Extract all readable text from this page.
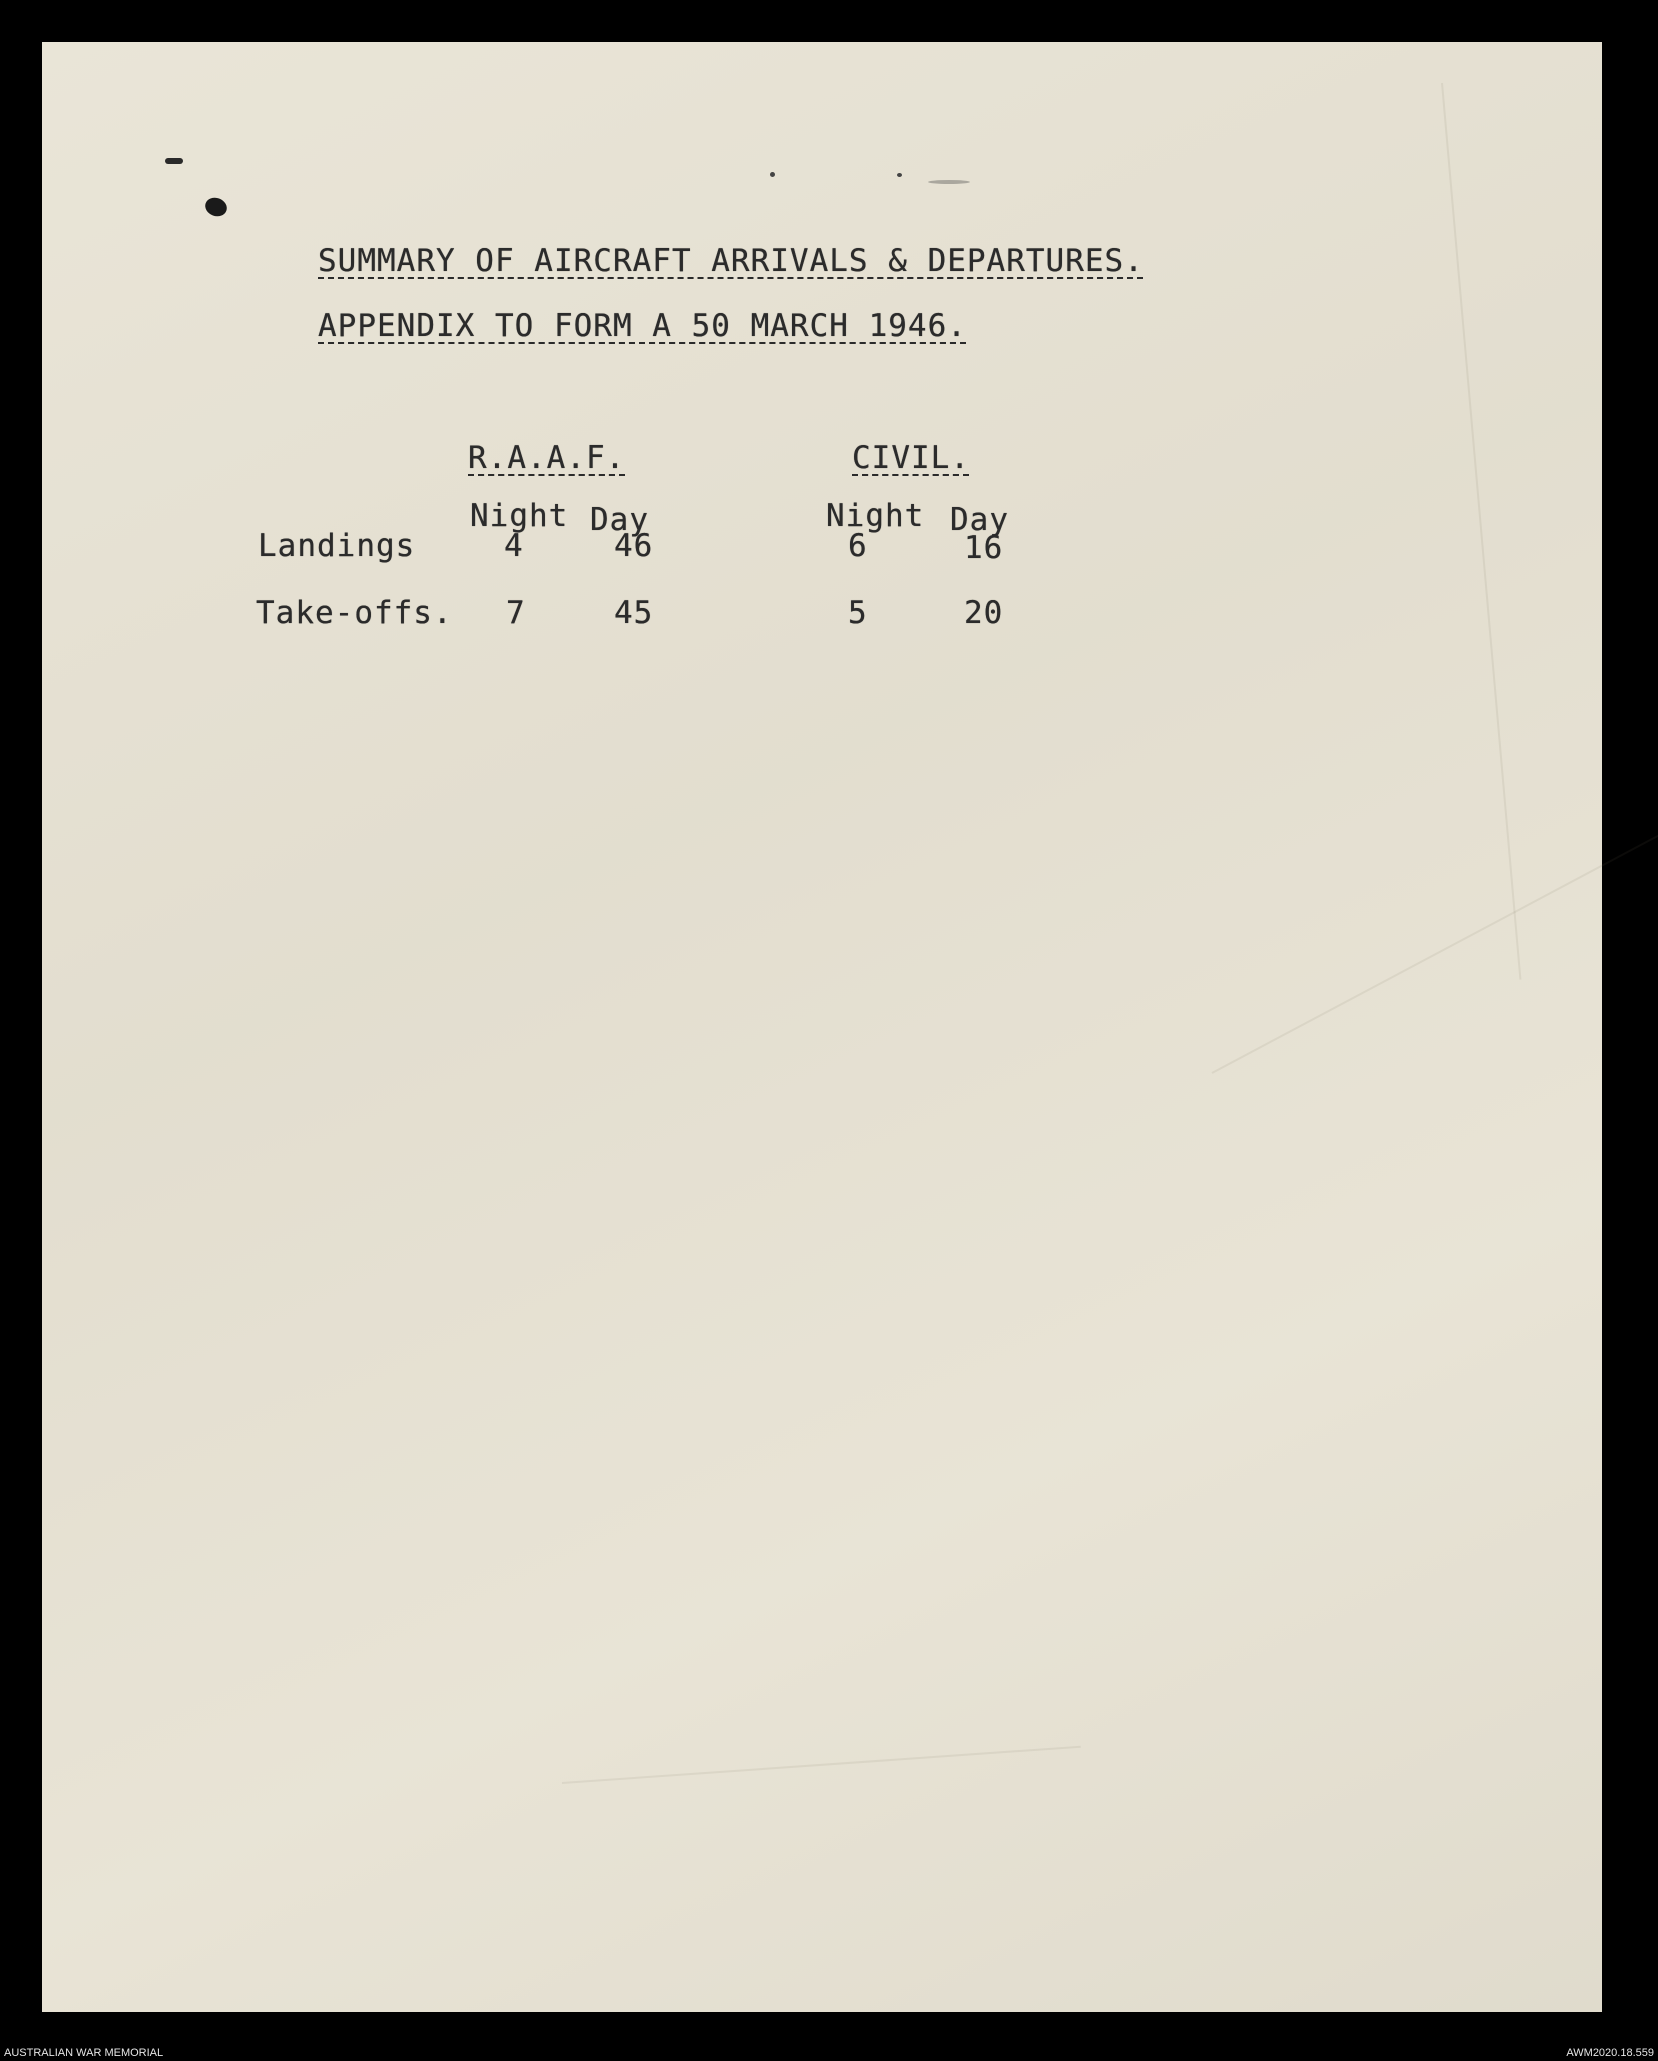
SUMMARY OF AIRCRAFT ARRIVALS & DEPARTURES.
APPENDIX TO FORM A 50 MARCH 1946.
R.A.A.F.	CIVIL.
Night Day	Night Day
Landings	4	46	6	16
Take-offs. 7	45	5	20
AUSTRALIAN WAR MEMORIAL	AWM2020.18.559
